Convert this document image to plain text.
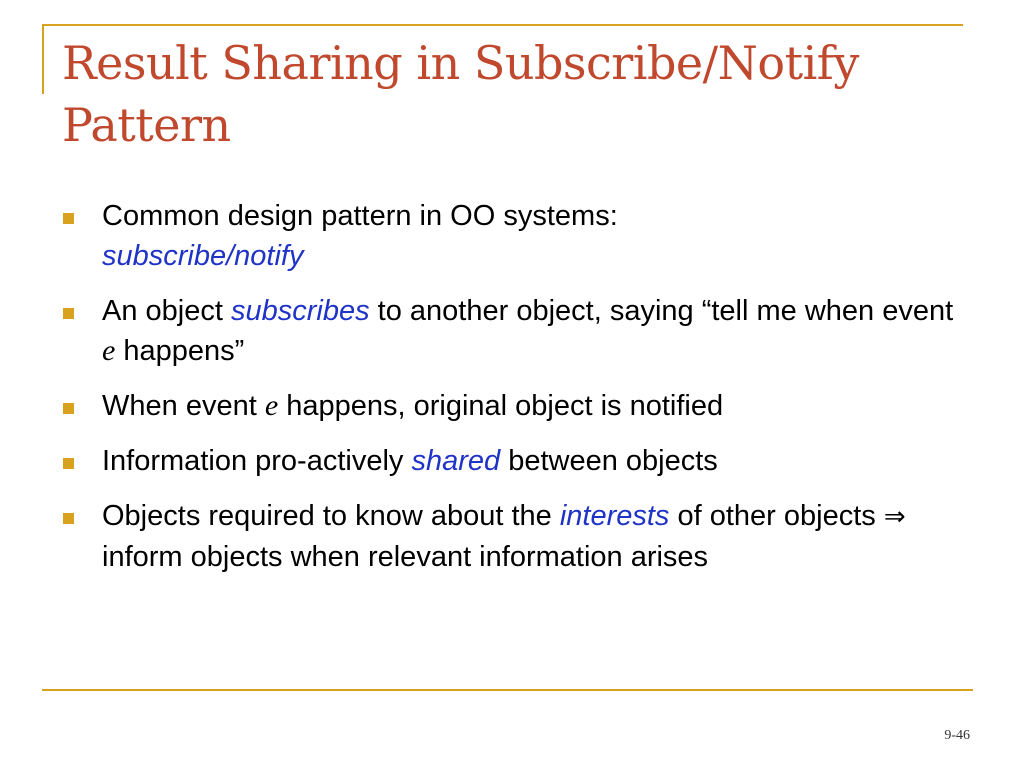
Result Sharing in Subscribe/Notify
Pattern
Common design pattern in OO systems:
subscribe/notify
An object subscribes to another object, saying “tell me when event e happens”
When event e happens, original object is notified
Information pro-actively shared between objects
Objects required to know about the interests of other objects ⇒ inform objects when relevant information arises
9-46
